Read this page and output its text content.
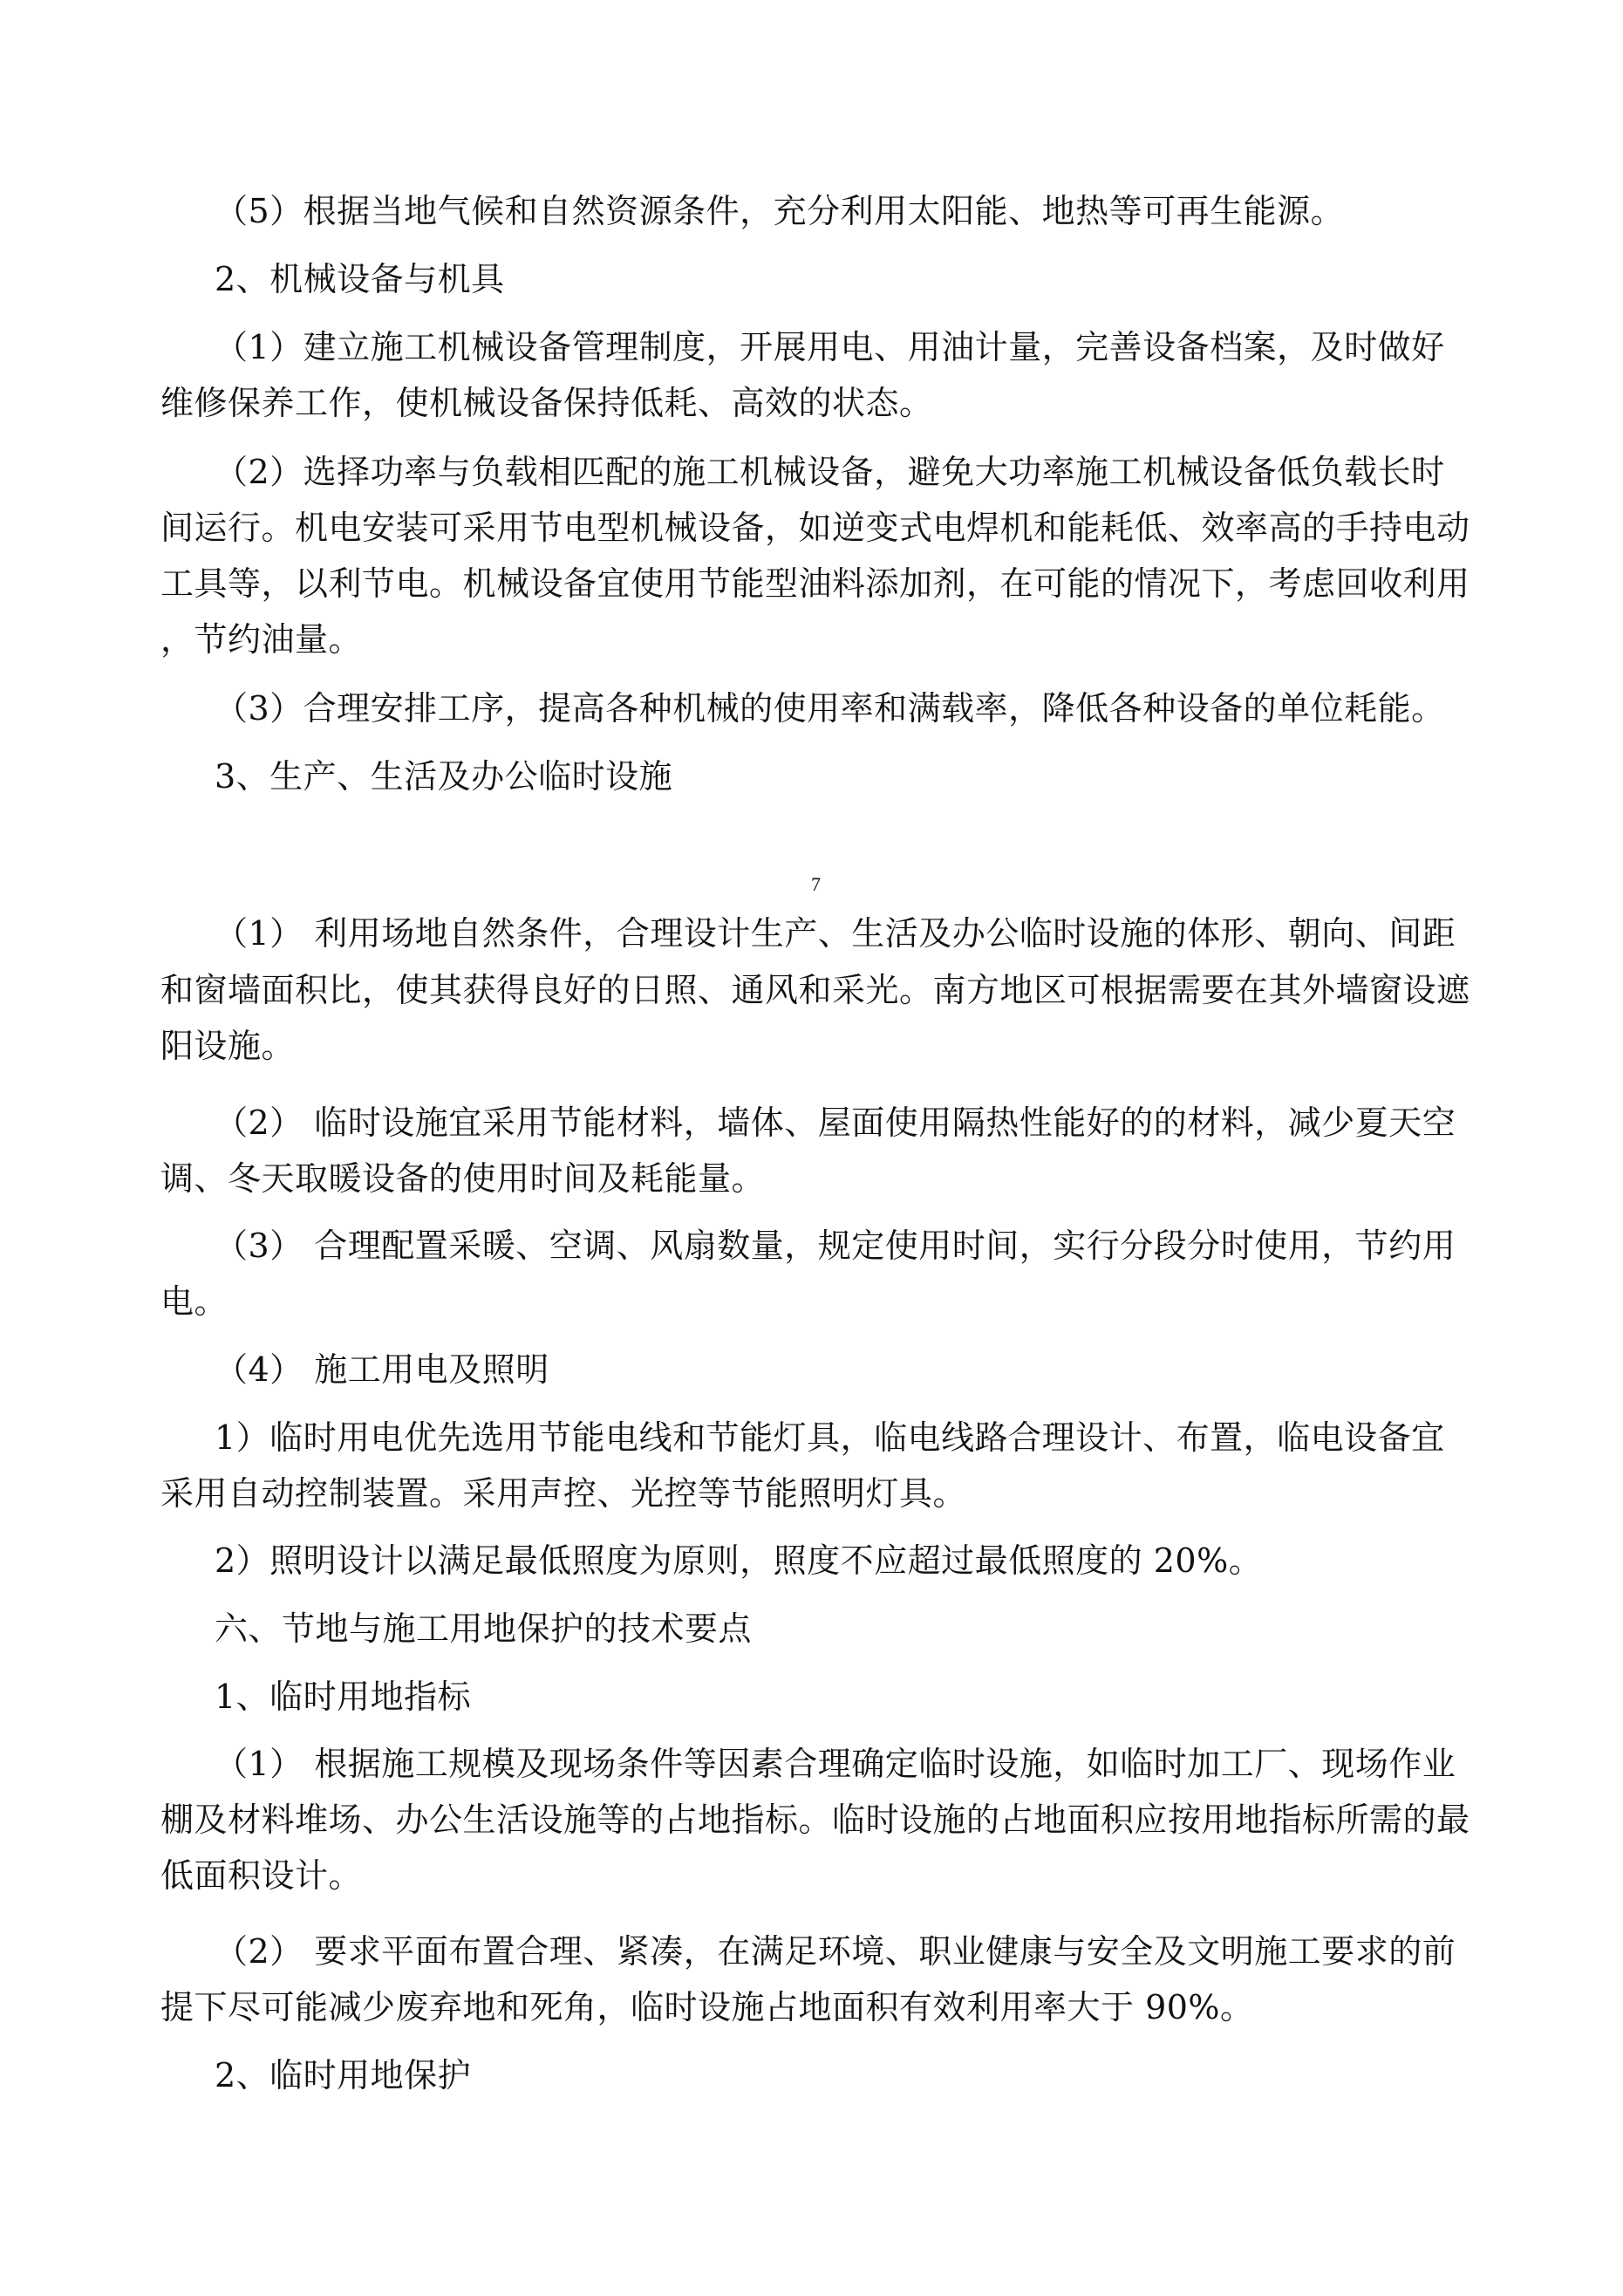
（5）根据当地气候和自然资源条件，充分利用太阳能、地热等可再生能源。
2、机械设备与机具
（1）建立施工机械设备管理制度，开展用电、用油计量，完善设备档案，及时做好
维修保养工作，使机械设备保持低耗、高效的状态。
（2）选择功率与负载相匹配的施工机械设备，避免大功率施工机械设备低负载长时
间运行。机电安装可采用节电型机械设备，如逆变式电焊机和能耗低、效率高的手持电动
工具等，以利节电。机械设备宜使用节能型油料添加剂，在可能的情况下，考虑回收利用
，节约油量。
（3）合理安排工序，提高各种机械的使用率和满载率，降低各种设备的单位耗能。
3、生产、生活及办公临时设施
7
（1） 利用场地自然条件，合理设计生产、生活及办公临时设施的体形、朝向、间距
和窗墙面积比，使其获得良好的日照、通风和采光。南方地区可根据需要在其外墙窗设遮
阳设施。
（2） 临时设施宜采用节能材料，墙体、屋面使用隔热性能好的的材料，减少夏天空
调、冬天取暖设备的使用时间及耗能量。
（3） 合理配置采暖、空调、风扇数量，规定使用时间，实行分段分时使用，节约用
电。
（4） 施工用电及照明
1）临时用电优先选用节能电线和节能灯具，临电线路合理设计、布置，临电设备宜
采用自动控制装置。采用声控、光控等节能照明灯具。
2）照明设计以满足最低照度为原则，照度不应超过最低照度的 20%。
六、节地与施工用地保护的技术要点
1、临时用地指标
（1） 根据施工规模及现场条件等因素合理确定临时设施，如临时加工厂、现场作业
棚及材料堆场、办公生活设施等的占地指标。临时设施的占地面积应按用地指标所需的最
低面积设计。
（2） 要求平面布置合理、紧凑，在满足环境、职业健康与安全及文明施工要求的前
提下尽可能减少废弃地和死角，临时设施占地面积有效利用率大于 90%。
2、临时用地保护
